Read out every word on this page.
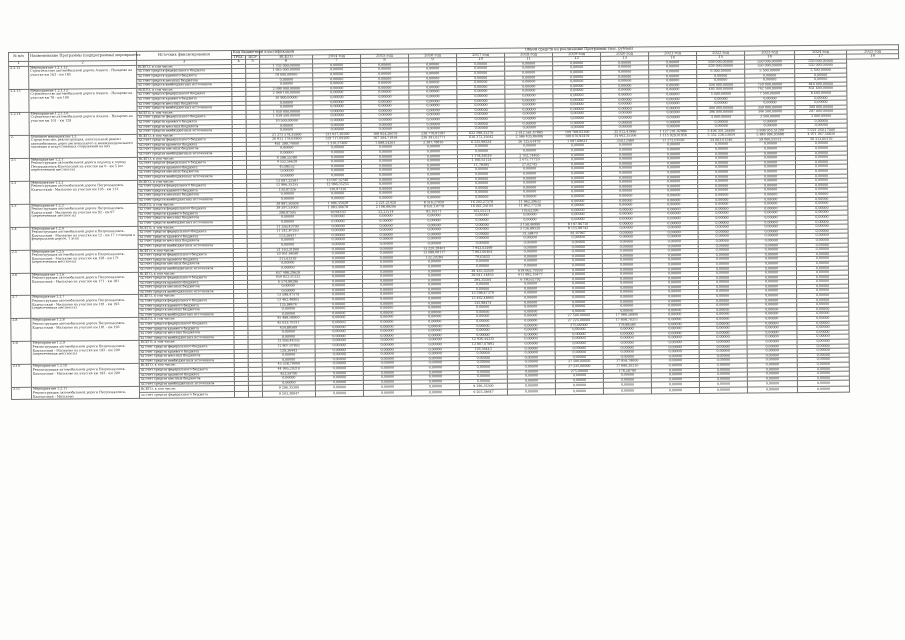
№ п/п	Наименование Программы (подпрограммы) мероприятия	Источник финансирования	Код бюджетной классификации		Объем средств на реализацию Программы (тыс. рублей)												
			ГРБС	ЦСР	ВСЕГО	2014 год	2015 год	2016 год	2017 год	2018 год	2019 год	2020 год	2021 год	2022 год	2023 год	2024 год	2025 год
1	2	3	4	5	6	7	8	9	10	11	12	13	14	15	16	17	18
2.2.12	Мероприятие 1.2.1.12
Строительство автомобильной дороги Ачинск - Назарово на участке км 163 - км 185	ВСЕГО, в том числе:			1 703 000,00000	0,00000	0,00000	0,00000	0,00000	0,00000	0,00000	0,00000	0,00000	639 000,00000	550 000,00000	550 000,00000	
		за счет средств федерального бюджета			1 685 000,00000	0,00000	0,00000	0,00000	0,00000	0,00000	0,00000	0,00000	0,00000	639 000,00000	550 000,00000	550 000,00000	
		за счет средств краевого бюджета			18 000,00000	0,00000	0,00000	0,00000	0,00000	0,00000	0,00000	0,00000	0,00000	6 000,00000	5 500,00000	5 500,00000	
		за счет средств местных бюджетов			0,00000	0,00000	0,00000	0,00000	0,00000	0,00000	0,00000	0,00000	0,00000	0,00000	0,00000	0,00000	
		за счет средств внебюджетных источников			0,00000	0,00000	0,00000	0,00000	0,00000	0,00000	0,00000	0,00000	0,00000	0,00000	0,00000	0,00000	
2.2.13	Мероприятие 1.2.1.13
Строительство автомобильной дороги Ачинск - Назарово на участке км 78 - км 100	ВСЕГО, в том числе:			2 090 000,00000	0,00000	0,00000	0,00000	0,00000	0,00000	0,00000	0,00000	0,00000	500 000,00000	750 000,00000	840 000,00000	
		за счет средств федерального бюджета			2 069 100,00000	0,00000	0,00000	0,00000	0,00000	0,00000	0,00000	0,00000	0,00000	495 000,00000	742 500,00000	831 600,00000	
		за счет средств краевого бюджета			20 900,00000	0,00000	0,00000	0,00000	0,00000	0,00000	0,00000	0,00000	0,00000	5 000,00000	7 500,00000	8 400,00000	
		за счет средств местных бюджетов			0,00000	0,00000	0,00000	0,00000	0,00000	0,00000	0,00000	0,00000	0,00000	0,00000	0,00000	0,00000	
		за счет средств внебюджетных источников			0,00000	0,00000	0,00000	0,00000	0,00000	0,00000	0,00000	0,00000	0,00000	0,00000	0,00000	0,00000	
2.2.14	Мероприятие 1.2.1.14
Строительство автомобильной дороги Ачинск - Назарово на участке км 101 - км 129	ВСЕГО, в том числе:			1 050 000,00000	0,00000	0,00000	0,00000	0,00000	0,00000	0,00000	0,00000	0,00000	400 000,00000	350 000,00000	300 000,00000	
		за счет средств федерального бюджета			1 039 500,00000	0,00000	0,00000	0,00000	0,00000	0,00000	0,00000	0,00000	0,00000	396 000,00000	346 500,00000	297 000,00000	
		за счет средств краевого бюджета			10 500,00000	0,00000	0,00000	0,00000	0,00000	0,00000	0,00000	0,00000	0,00000	4 000,00000	3 500,00000	3 000,00000	
		за счет средств местных бюджетов			0,00000	0,00000	0,00000	0,00000	0,00000	0,00000	0,00000	0,00000	0,00000	0,00000	0,00000	0,00000	
		за счет средств внебюджетных источников			0,00000	0,00000	0,00000	0,00000	0,00000	0,00000	0,00000	0,00000	0,00000	0,00000	0,00000	0,00000	
2.	Основное мероприятие 1.2
Строительство, реконструкция, капитальный ремонт автомобильных дорог регионального и межмуниципального значения и искусственных сооружений на них	ВСЕГО, в том числе:			21 373 579,35900	131 027,36500	168 954,26079	238 778,81587	622 598,33376	2 612 561,47885	109 768,62100	35 012,47986	1 127 201,02986	5 406 301,54600	5 906 055,51200	5 021 260,17000	
		за счет средств федерального бюджета			20 912 179,61900	129 717,09100	167 264,71818	236 391,02771	616 372,35042	2 586 435,86406	108 670,93479	34 662,35506	1 115 929,01956	5 352 238,53054	5 846 994,95688	4 971 047,56830	
		за счет средств краевого бюджета			461 399,74000	1 310,27400	1 689,54261	2 387,78816	6 225,98334	26 125,61479	1 097,68621	350,12480	11 272,01030	54 063,01546	59 060,55512	50 212,60170	
		за счет средств местных бюджетов			0,00000	0,00000	0,00000	0,00000	0,00000	0,00000	0,00000	0,00000	0,00000	0,00000	0,00000	0,00000	
		за счет средств внебюджетных источников			0,00000	0,00000	0,00000	0,00000	0,00000	0,00000	0,00000	0,00000	0,00000	0,00000	0,00000	0,00000	
2.1	Мероприятие 1.2.1
Реконструкция автомобильной дороги подъезд к городу Петропавловск-Камчатский на участке км 0 - км 5 (по пересеченной местности)	ВСЕГО, в том числе:			4 598,55180	0,00000	0,00000	0,00000	1 178,39519	2 702,74465	0,00000	0,00000	0,00000	0,00000	0,00000	0,00000	
		за счет средств федерального бюджета			4 552,56628	0,00000	0,00000	0,00000	1 166,61124	2 675,71720	0,00000	0,00000	0,00000	0,00000	0,00000	0,00000	
		за счет средств краевого бюджета			45,98552	0,00000	0,00000	0,00000	11,78395	27,02745	0,00000	0,00000	0,00000	0,00000	0,00000	0,00000	
		за счет средств местных бюджетов			0,00000	0,00000	0,00000	0,00000	0,00000	0,00000	0,00000	0,00000	0,00000	0,00000	0,00000	0,00000	
		за счет средств внебюджетных источников			0,00000	0,00000	0,00000	0,00000	0,00000	0,00000	0,00000	0,00000	0,00000	0,00000	0,00000	0,00000	
2.2	Мероприятие 1.2.2
Реконструкция автомобильной дороги Петропавловск-Камчатский - Мильково на участке км 105 - км 112	ВСЕГО, в том числе:			13 097,32581	13 097,32581	0,00000	0,00000	0,00000	0,00000	0,00000	0,00000	0,00000	0,00000	0,00000	0,00000	
		за счет средств федерального бюджета			12 966,35255	12 966,35255	0,00000	0,00000	0,00000	0,00000	0,00000	0,00000	0,00000	0,00000	0,00000	0,00000	
		за счет средств краевого бюджета			130,97326	130,97326	0,00000	0,00000	0,00000	0,00000	0,00000	0,00000	0,00000	0,00000	0,00000	0,00000	
		за счет средств местных бюджетов			0,00000	0,00000	0,00000	0,00000	0,00000	0,00000	0,00000	0,00000	0,00000	0,00000	0,00000	0,00000	
		за счет средств внебюджетных источников			0,00000	0,00000	0,00000	0,00000	0,00000	0,00000	0,00000	0,00000	0,00000	0,00000	0,00000	0,00000	
2.3	Мероприятие 1.2.3
Реконструкция автомобильной дороги Петропавловск-Камчатский - Мильково на участке км 92 - км 97 (пересеченная местность)	ВСЕГО, в том числе:			39 997,50508	1 094,35028	2 221,21420	8 516,27050	16 203,27378	11 962,39632	0,00000	0,00000	0,00000	0,00000	0,00000	0,00000	
		за счет средств федерального бюджета			39 597,53003	1 083,40678	2 198,99206	8 431,10779	16 041,24104	11 842,77236	0,00000	0,00000	0,00000	0,00000	0,00000	0,00000	
		за счет средств краевого бюджета			399,97505	10,94350	22,21214	85,16271	162,03274	119,62396	0,00000	0,00000	0,00000	0,00000	0,00000	0,00000	
		за счет средств местных бюджетов			0,00000	0,00000	0,00000	0,00000	0,00000	0,00000	0,00000	0,00000	0,00000	0,00000	0,00000	0,00000	
		за счет средств внебюджетных источников			0,00000	0,00000	0,00000	0,00000	0,00000	0,00000	0,00000	0,00000	0,00000	0,00000	0,00000	0,00000	
2.4	Мероприятие 1.2.4
Реконструкция автомобильной дороги Петропавловск-Камчатский - Мильково на участке км 12 - км 17 с отводом к федеральной дороге, 1 этап	ВСЕГО, в том числе:			11 356,43700	0,00000	0,00000	0,00000	0,00000	3 158,46990	8 197,96710	0,00000	0,00000	0,00000	0,00000	0,00000	
		за счет средств федерального бюджета			11 242,87263	0,00000	0,00000	0,00000	0,00000	3 126,88520	8 115,98743	0,00000	0,00000	0,00000	0,00000	0,00000	
		за счет средств краевого бюджета			113,56437	0,00000	0,00000	0,00000	0,00000	31,58470	81,97967	0,00000	0,00000	0,00000	0,00000	0,00000	
		за счет средств местных бюджетов			0,00000	0,00000	0,00000	0,00000	0,00000	0,00000	0,00000	0,00000	0,00000	0,00000	0,00000	0,00000	
		за счет средств внебюджетных источников			0,00000	0,00000	0,00000	0,00000	0,00000	0,00000	0,00000	0,00000	0,00000	0,00000	0,00000	0,00000	
2.5	Мероприятие 1.2.5
Реконструкция автомобильной дороги Петропавловск-Камчатский - Мильково на участке км 158 - км 171 (пересеченная местность)	ВСЕГО, в том числе:			21 163,31900	0,00000	0,00000	13 220,28401	7 943,03499	0,00000	0,00000	0,00000	0,00000	0,00000	0,00000	0,00000	
		за счет средств федерального бюджета			20 951,68581	0,00000	0,00000	13 088,08117	7 863,60464	0,00000	0,00000	0,00000	0,00000	0,00000	0,00000	0,00000	
		за счет средств краевого бюджета			211,63319	0,00000	0,00000	132,20284	79,43035	0,00000	0,00000	0,00000	0,00000	0,00000	0,00000	0,00000	
		за счет средств местных бюджетов			0,00000	0,00000	0,00000	0,00000	0,00000	0,00000	0,00000	0,00000	0,00000	0,00000	0,00000	0,00000	
		за счет средств внебюджетных источников			0,00000	0,00000	0,00000	0,00000	0,00000	0,00000	0,00000	0,00000	0,00000	0,00000	0,00000	0,00000	
2.6	Мероприятие 1.2.6
Реконструкция автомобильной дороги Петропавловск-Камчатский - Мильково на участке км 171 - км 181	ВСЕГО, в том числе:			657 498,29628	0,00000	0,00000	0,00000	39 435,50359	618 062,79269	0,00000	0,00000	0,00000	0,00000	0,00000	0,00000	
		за счет средств федерального бюджета			650 923,31332	0,00000	0,00000	0,00000	39 041,14855	611 882,16477	0,00000	0,00000	0,00000	0,00000	0,00000	0,00000	
		за счет средств краевого бюджета			6 574,98296	0,00000	0,00000	0,00000	394,35504	6 180,62792	0,00000	0,00000	0,00000	0,00000	0,00000	0,00000	
		за счет средств местных бюджетов			0,00000	0,00000	0,00000	0,00000	0,00000	0,00000	0,00000	0,00000	0,00000	0,00000	0,00000	0,00000	
		за счет средств внебюджетных источников			0,00000	0,00000	0,00000	0,00000	0,00000	0,00000	0,00000	0,00000	0,00000	0,00000	0,00000	0,00000	
2.7	Мероприятие 1.2.7
Реконструкция автомобильной дороги Петропавловск-Камчатский - Мильково на участке км 181 - км 193 (пересеченная местность)	ВСЕГО, в том числе:			13 598,47379	0,00000	0,00000	0,00000	13 598,47379	0,00000	0,00000	0,00000	0,00000	0,00000	0,00000	0,00000	
		за счет средств федерального бюджета			13 462,48905	0,00000	0,00000	0,00000	13 462,48905	0,00000	0,00000	0,00000	0,00000	0,00000	0,00000	0,00000	
		за счет средств краевого бюджета			135,98474	0,00000	0,00000	0,00000	135,98474	0,00000	0,00000	0,00000	0,00000	0,00000	0,00000	0,00000	
		за счет средств местных бюджетов			0,00000	0,00000	0,00000	0,00000	0,00000	0,00000	0,00000	0,00000	0,00000	0,00000	0,00000	0,00000	
		за счет средств внебюджетных источников			0,00000	0,00000	0,00000	0,00000	0,00000	0,00000	0,00000	0,00000	0,00000	0,00000	0,00000	0,00000	
2.8	Мероприятие 1.2.8
Реконструкция автомобильной дороги Петропавловск-Камчатский - Мильково на участке км 181 - км 193	ВСЕГО, в том числе:			45 488,58900	0,00000	0,00000	0,00000	0,00000	0,00000	27 500,00000	17 988,58900	0,00000	0,00000	0,00000	0,00000	
		за счет средств федерального бюджета			45 033,70311	0,00000	0,00000	0,00000	0,00000	0,00000	27 225,00000	17 808,70311	0,00000	0,00000	0,00000	0,00000	
		за счет средств краевого бюджета			454,88589	0,00000	0,00000	0,00000	0,00000	0,00000	275,00000	179,88589	0,00000	0,00000	0,00000	0,00000	
		за счет средств местных бюджетов			0,00000	0,00000	0,00000	0,00000	0,00000	0,00000	0,00000	0,00000	0,00000	0,00000	0,00000	0,00000	
		за счет средств внебюджетных источников			0,00000	0,00000	0,00000	0,00000	0,00000	0,00000	0,00000	0,00000	0,00000	0,00000	0,00000	0,00000	
2.9	Мероприятие 1.2.9
Реконструкция автомобильной дороги Петропавловск-Камчатский - Мильково на участке км 193 - км 200 (пересеченная местность)	ВСЕГО, в том числе:			12 936,44335	0,00000	0,00000	0,00000	12 936,44335	0,00000	0,00000	0,00000	0,00000	0,00000	0,00000	0,00000	
		за счет средств федерального бюджета			12 807,07892	0,00000	0,00000	0,00000	12 807,07892	0,00000	0,00000	0,00000	0,00000	0,00000	0,00000	0,00000	
		за счет средств краевого бюджета			129,36443	0,00000	0,00000	0,00000	129,36443	0,00000	0,00000	0,00000	0,00000	0,00000	0,00000	0,00000	
		за счет средств местных бюджетов			0,00000	0,00000	0,00000	0,00000	0,00000	0,00000	0,00000	0,00000	0,00000	0,00000	0,00000	0,00000	
		за счет средств внебюджетных источников			0,00000	0,00000	0,00000	0,00000	0,00000	0,00000	0,00000	0,00000	0,00000	0,00000	0,00000	0,00000	
2.10	Мероприятие 1.2.10
Реконструкция автомобильной дороги Петропавловск-Камчатский - Мильково на участке км 193 - км 200	ВСЕГО, в том числе:			45 358,79000	0,00000	0,00000	0,00000	0,00000	0,00000	27 500,00000	17 858,79000	0,00000	0,00000	0,00000	0,00000	
		за счет средств федерального бюджета			44 905,20210	0,00000	0,00000	0,00000	0,00000	0,00000	27 225,00000	17 680,20210	0,00000	0,00000	0,00000	0,00000	
		за счет средств краевого бюджета			453,58790	0,00000	0,00000	0,00000	0,00000	0,00000	275,00000	178,58790	0,00000	0,00000	0,00000	0,00000	
		за счет средств местных бюджетов			0,00000	0,00000	0,00000	0,00000	0,00000	0,00000	0,00000	0,00000	0,00000	0,00000	0,00000	0,00000	
		за счет средств внебюджетных источников			0,00000	0,00000	0,00000	0,00000	0,00000	0,00000	0,00000	0,00000	0,00000	0,00000	0,00000	0,00000	
2.11	Мероприятие 1.2.11
Реконструкция автомобильной дороги Петропавловск-Камчатский - Мильково	ВСЕГО, в том числе:			9 296,35300	0,00000	0,00000	0,00000	9 296,35300	0,00000	0,00000	0,00000	0,00000	0,00000	0,00000	0,00000	
		за счет средств федерального бюджета			9 203,38947	0,00000	0,00000	0,00000	9 203,38947	0,00000	0,00000	0,00000	0,00000	0,00000	0,00000	0,00000	
